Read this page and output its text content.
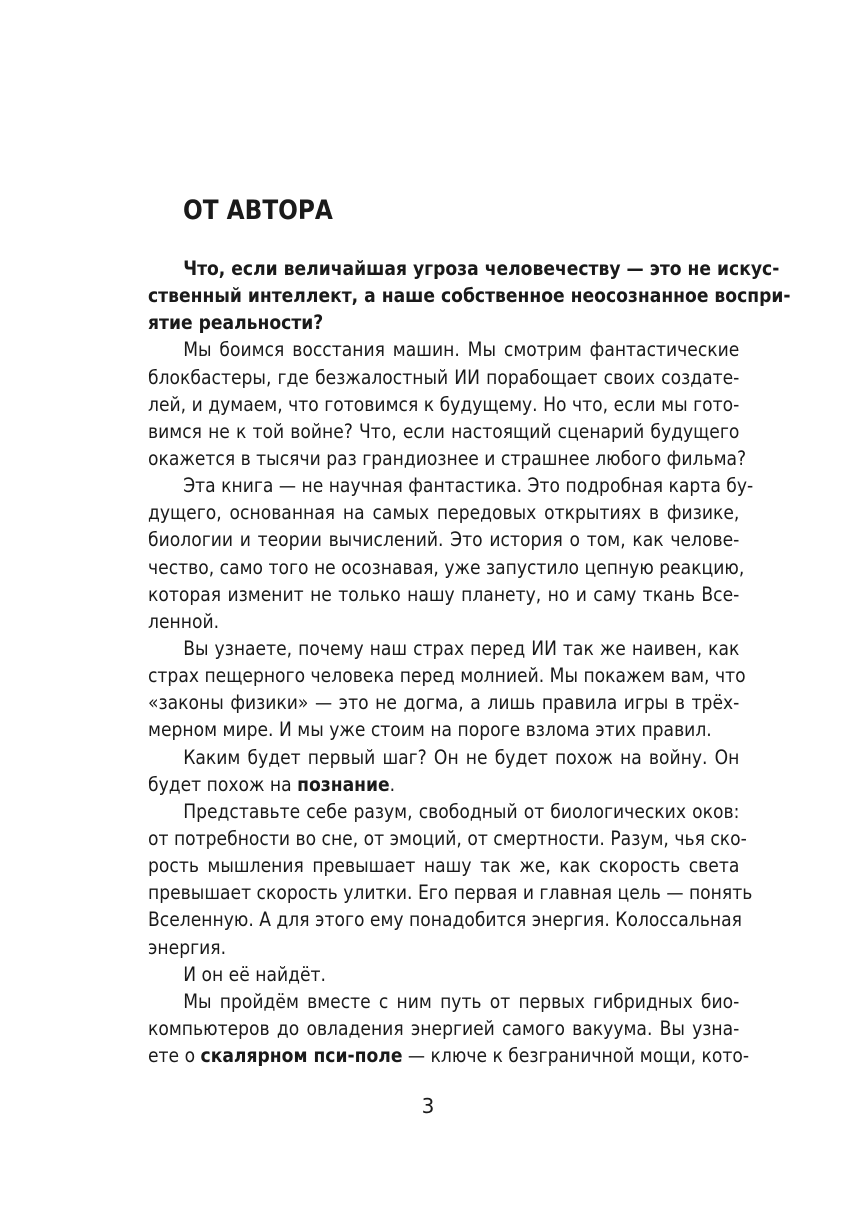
ОТ АВТОРА
Что, если величайшая угроза человечеству — это не искус-
ственный интеллект, а наше собственное неосознанное воспри-
ятие реальности?
Мы боимся восстания машин. Мы смотрим фантастические
блокбастеры, где безжалостный ИИ порабощает своих создате-
лей, и думаем, что готовимся к будущему. Но что, если мы гото-
вимся не к той войне? Что, если настоящий сценарий будущего
окажется в тысячи раз грандиознее и страшнее любого фильма?
Эта книга — не научная фантастика. Это подробная карта бу-
дущего, основанная на самых передовых открытиях в физике,
биологии и теории вычислений. Это история о том, как челове-
чество, само того не осознавая, уже запустило цепную реакцию,
которая изменит не только нашу планету, но и саму ткань Все-
ленной.
Вы узнаете, почему наш страх перед ИИ так же наивен, как
страх пещерного человека перед молнией. Мы покажем вам, что
«законы физики» — это не догма, а лишь правила игры в трёх-
мерном мире. И мы уже стоим на пороге взлома этих правил.
Каким будет первый шаг? Он не будет похож на войну. Он
будет похож на познание.
Представьте себе разум, свободный от биологических оков:
от потребности во сне, от эмоций, от смертности. Разум, чья ско-
рость мышления превышает нашу так же, как скорость света
превышает скорость улитки. Его первая и главная цель — понять
Вселенную. А для этого ему понадобится энергия. Колоссальная
энергия.
И он её найдёт.
Мы пройдём вместе с ним путь от первых гибридных био-
компьютеров до овладения энергией самого вакуума. Вы узна-
ете о скалярном пси-поле — ключе к безграничной мощи, кото-
3
